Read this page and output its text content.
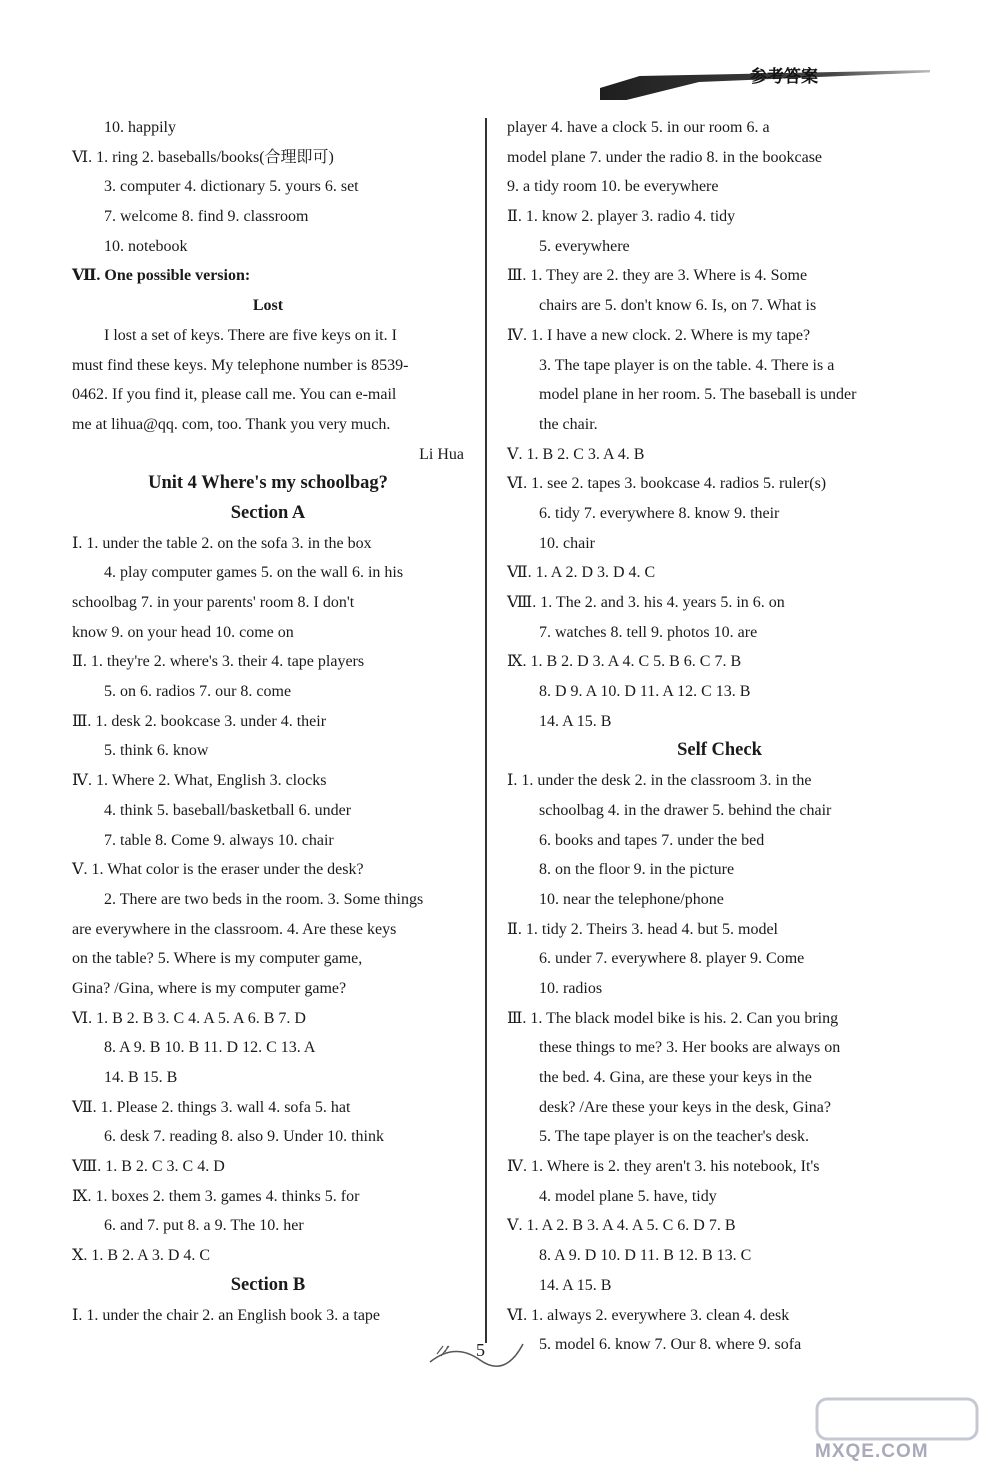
参考答案
10. happily
Ⅵ. 1. ring 2. baseballs/books(合理即可)
3. computer 4. dictionary 5. yours 6. set
7. welcome 8. find 9. classroom
10. notebook
Ⅶ. One possible version:
Lost
I lost a set of keys. There are five keys on it. I
must find these keys. My telephone number is 8539-
0462. If you find it, please call me. You can e-mail
me at lihua@qq. com, too. Thank you very much.
Li Hua
Unit 4 Where's my schoolbag?
Section A
Ⅰ. 1. under the table 2. on the sofa 3. in the box
4. play computer games 5. on the wall 6. in his
schoolbag 7. in your parents' room 8. I don't
know 9. on your head 10. come on
Ⅱ. 1. they're 2. where's 3. their 4. tape players
5. on 6. radios 7. our 8. come
Ⅲ. 1. desk 2. bookcase 3. under 4. their
5. think 6. know
Ⅳ. 1. Where 2. What, English 3. clocks
4. think 5. baseball/basketball 6. under
7. table 8. Come 9. always 10. chair
Ⅴ. 1. What color is the eraser under the desk?
2. There are two beds in the room. 3. Some things
are everywhere in the classroom. 4. Are these keys
on the table? 5. Where is my computer game,
Gina? /Gina, where is my computer game?
Ⅵ. 1. B 2. B 3. C 4. A 5. A 6. B 7. D
8. A 9. B 10. B 11. D 12. C 13. A
14. B 15. B
Ⅶ. 1. Please 2. things 3. wall 4. sofa 5. hat
6. desk 7. reading 8. also 9. Under 10. think
Ⅷ. 1. B 2. C 3. C 4. D
Ⅸ. 1. boxes 2. them 3. games 4. thinks 5. for
6. and 7. put 8. a 9. The 10. her
Ⅹ. 1. B 2. A 3. D 4. C
Section B
Ⅰ. 1. under the chair 2. an English book 3. a tape
player 4. have a clock 5. in our room 6. a
model plane 7. under the radio 8. in the bookcase
9. a tidy room 10. be everywhere
Ⅱ. 1. know 2. player 3. radio 4. tidy
5. everywhere
Ⅲ. 1. They are 2. they are 3. Where is 4. Some
chairs are 5. don't know 6. Is, on 7. What is
Ⅳ. 1. I have a new clock. 2. Where is my tape?
3. The tape player is on the table. 4. There is a
model plane in her room. 5. The baseball is under
the chair.
Ⅴ. 1. B 2. C 3. A 4. B
Ⅵ. 1. see 2. tapes 3. bookcase 4. radios 5. ruler(s)
6. tidy 7. everywhere 8. know 9. their
10. chair
Ⅶ. 1. A 2. D 3. D 4. C
Ⅷ. 1. The 2. and 3. his 4. years 5. in 6. on
7. watches 8. tell 9. photos 10. are
Ⅸ. 1. B 2. D 3. A 4. C 5. B 6. C 7. B
8. D 9. A 10. D 11. A 12. C 13. B
14. A 15. B
Self Check
Ⅰ. 1. under the desk 2. in the classroom 3. in the
schoolbag 4. in the drawer 5. behind the chair
6. books and tapes 7. under the bed
8. on the floor 9. in the picture
10. near the telephone/phone
Ⅱ. 1. tidy 2. Theirs 3. head 4. but 5. model
6. under 7. everywhere 8. player 9. Come
10. radios
Ⅲ. 1. The black model bike is his. 2. Can you bring
these things to me? 3. Her books are always on
the bed. 4. Gina, are these your keys in the
desk? /Are these your keys in the desk, Gina?
5. The tape player is on the teacher's desk.
Ⅳ. 1. Where is 2. they aren't 3. his notebook, It's
4. model plane 5. have, tidy
Ⅴ. 1. A 2. B 3. A 4. A 5. C 6. D 7. B
8. A 9. D 10. D 11. B 12. B 13. C
14. A 15. B
Ⅵ. 1. always 2. everywhere 3. clean 4. desk
5. model 6. know 7. Our 8. where 9. sofa
5
MXQE.COM
